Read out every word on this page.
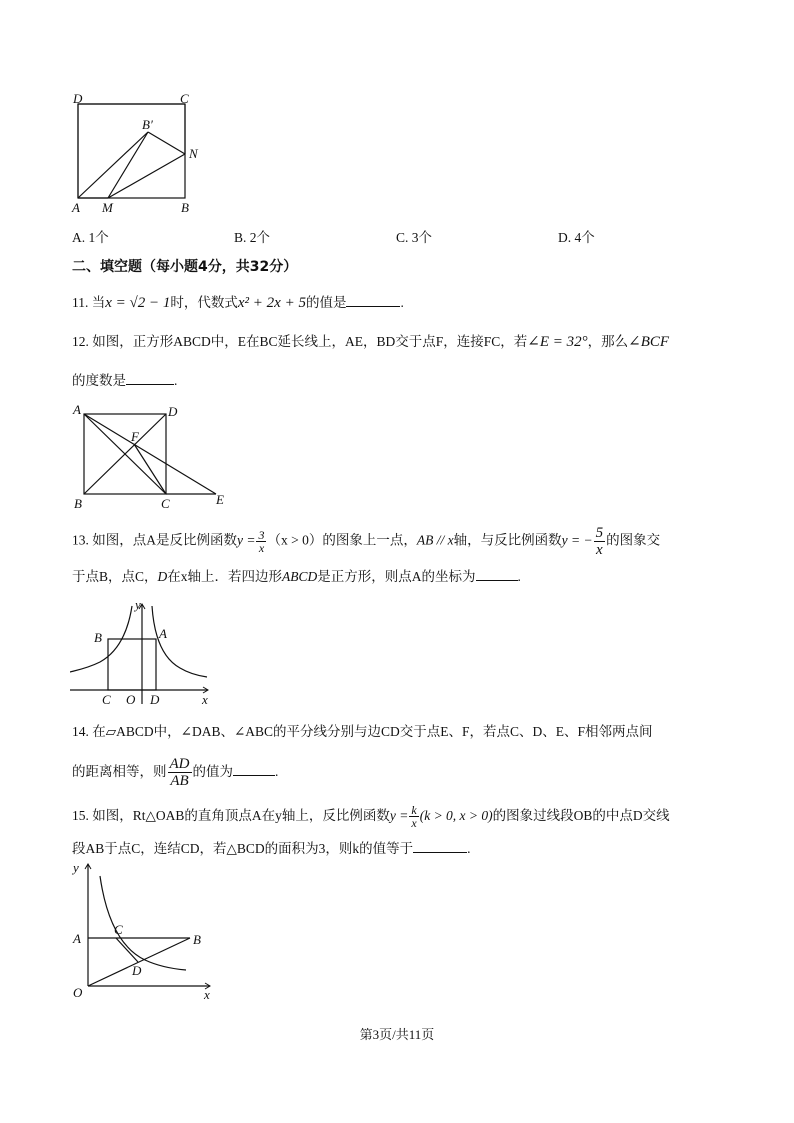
D	C
B′
N
A M	B
A. 1个	B. 2个	C. 3个	D. 4个
二、填空题（每小题4分，共32分）
11. 当x = √2 − 1时，代数式x² + 2x + 5的值是	.
12. 如图，正方形ABCD中，E在BC延长线上，AE，BD交于点F，连接FC，若∠E = 32°，那么∠BCF
的度数是	.
A	D
F
B	C	E
13. 如图，点A是反比例函数$y = \frac{3}{x} (x > 0)$的图象上一点，AB // x轴，与反比例函数y = − $\frac{5}{x}$ 的图象交
于点B，点C，D在x轴上．若四边形ABCD是正方形，则点A的坐标为	.
y
B	A
C O D	x
14. 在▱ABCD中，∠DAB、∠ABC的平分线分别与边CD交于点E、F，若点C、D、E、F相邻两点间
的距离相等，则 $\frac{AD}{AB}$ 的值为	.
15. 如图，Rt△OAB的直角顶点A在y轴上，反比例函数$y = \frac{k}{x} (k > 0$, x > 0)的图象过线段OB的中点D交线
段AB于点C，连结CD，若△BCD的面积为3，则k的值等于	.
y
A
C
B
D
O	x
第3页/共11页
